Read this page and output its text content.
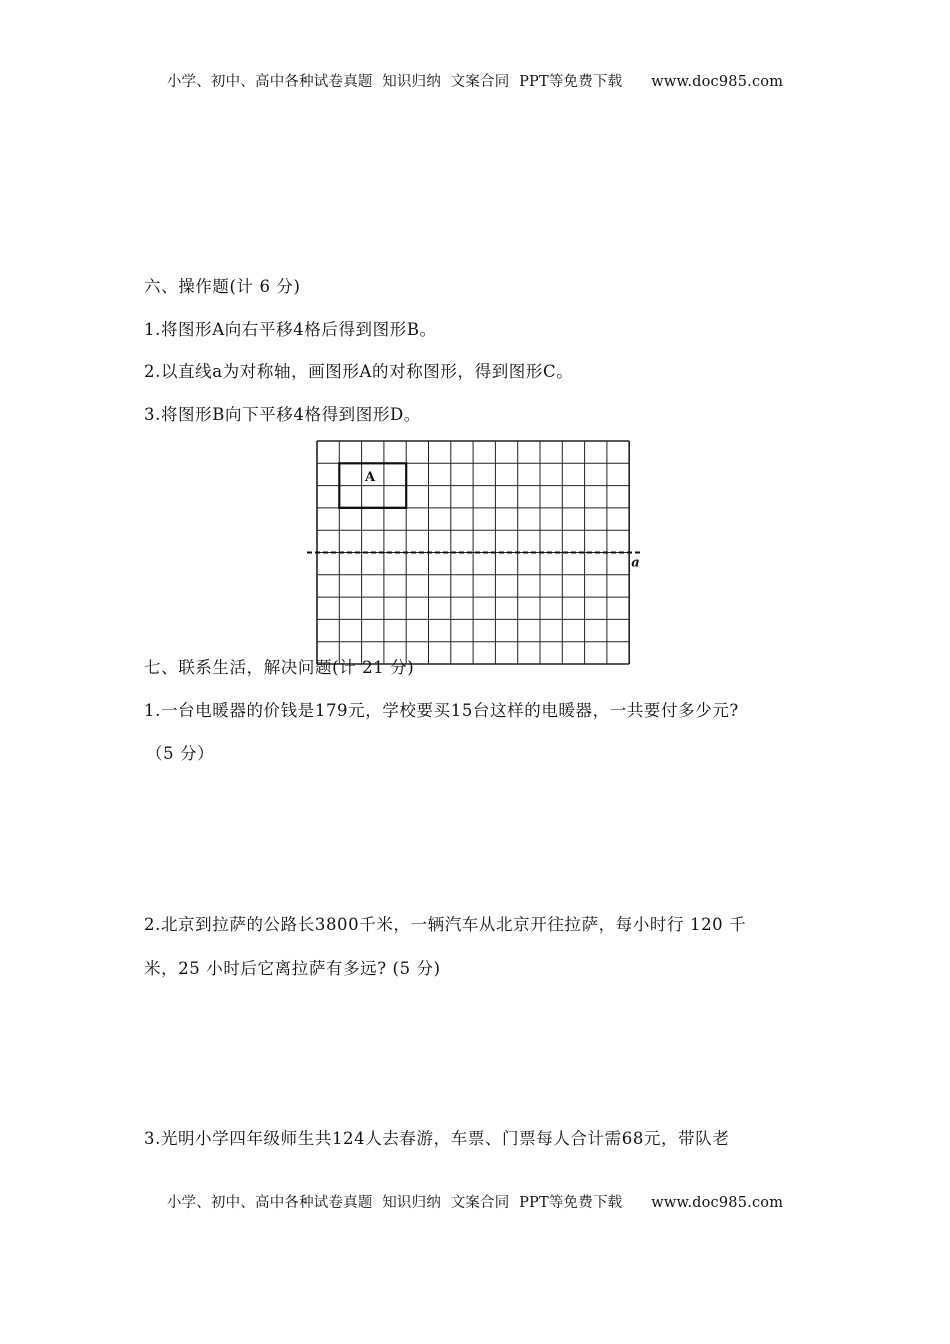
小学、初中、高中各种试卷真题  知识归纳  文案合同  PPT等免费下载 www.doc985.com
六、操作题(计 6 分)
1.将图形A向右平移4格后得到图形B。
2.以直线a为对称轴，画图形A的对称图形，得到图形C。
3.将图形B向下平移4格得到图形D。
A
a
七、联系生活，解决问题(计 21 分)
1.一台电暖器的价钱是179元，学校要买15台这样的电暖器，一共要付多少元?
（5 分）
2.北京到拉萨的公路长3800千米，一辆汽车从北京开往拉萨，每小时行 120 千
米，25 小时后它离拉萨有多远? (5 分)
3.光明小学四年级师生共124人去春游，车票、门票每人合计需68元，带队老
小学、初中、高中各种试卷真题  知识归纳  文案合同  PPT等免费下载 www.doc985.com
